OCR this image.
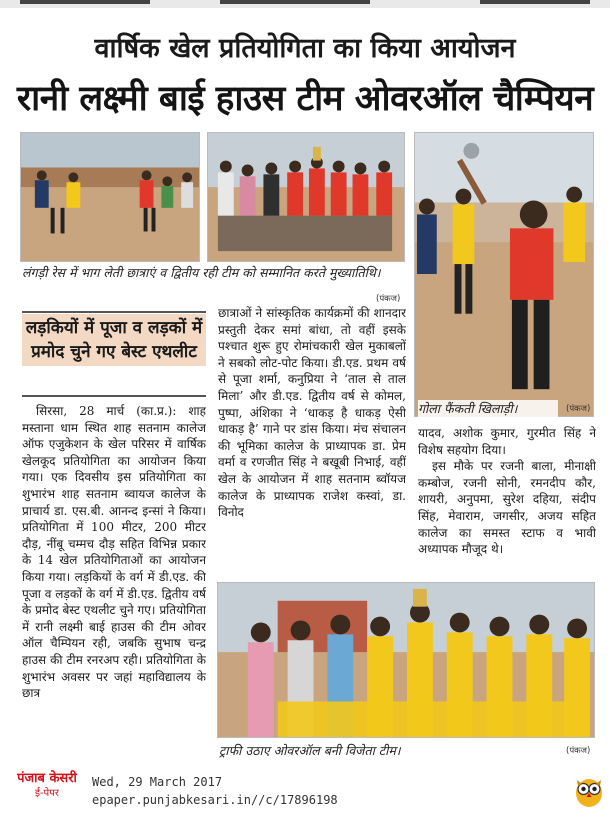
वार्षिक खेल प्रतियोगिता का किया आयोजन
रानी लक्ष्मी बाई हाउस टीम ओवरऑल चैम्पियन
लंगड़ी रेस में भाग लेती छात्राएं व द्वितीय रही टीम को सम्मानित करते मुख्यातिथि।
(पंकज)
गोला फैंकती खिलाड़ी।	(पंकज)
ट्राफी उठाए ओवरऑल बनी विजेता टीम।	(पंकज)
लड़कियों में पूजा व लड़कों में प्रमोद चुने गए बेस्ट एथलीट

सिरसा, 28 मार्च (का.प्र.): शाह मस्ताना धाम स्थित शाह सतनाम कालेज ऑफ एजुकेशन के खेल परिसर में वार्षिक खेलकूद प्रतियोगिता का आयोजन किया गया। एक दिवसीय इस प्रतियोगिता का शुभारंभ शाह सतनाम ब्वायज कालेज के प्राचार्य डा. एस.बी. आनन्द इन्सां ने किया। प्रतियोगिता में 100 मीटर, 200 मीटर दौड़, नींबू चम्मच दौड़ सहित विभिन्न प्रकार के 14 खेल प्रतियोगिताओं का आयोजन किया गया। लड़कियों के वर्ग में डी.एड. की पूजा व लड़कों के वर्ग में डी.एड. द्वितीय वर्ष के प्रमोद बेस्ट एथलीट चुने गए। प्रतियोगिता में रानी लक्ष्मी बाई हाउस की टीम ओवर ऑल चैम्पियन रही, जबकि सुभाष चन्द्र हाउस की टीम रनरअप रही। प्रतियोगिता के शुभारंभ अवसर पर जहां महाविद्यालय के छात्र

छात्राओं ने सांस्कृतिक कार्यक्रमों की शानदार प्रस्तुती देकर समां बांधा, तो वहीं इसके पश्चात शुरू हुए रोमांचकारी खेल मुकाबलों ने सबको लोट-पोट किया। डी.एड. प्रथम वर्ष से पूजा शर्मा, कनुप्रिया ने ‘ताल से ताल मिला’ और डी.एड. द्वितीय वर्ष से कोमल, पुष्पा, अंशिका ने ‘धाकड़ है धाकड़ ऐसी धाकड़ है’ गाने पर डांस किया। मंच संचालन की भूमिका कालेज के प्राध्यापक डा. प्रेम वर्मा व रणजीत सिंह ने बखूबी निभाई, वहीं खेल के आयोजन में शाह सतनाम ब्वॉयज कालेज के प्राध्यापक राजेश कस्वां, डा. विनोद

यादव, अशोक कुमार, गुरमीत सिंह ने विशेष सहयोग दिया।

इस मौके पर रजनी बाला, मीनाक्षी कम्बोज, रजनी सोनी, रमनदीप कौर, शायरी, अनुपमा, सुरेश दहिया, संदीप सिंह, मेवाराम, जगसीर, अजय सहित कालेज का समस्त स्टाफ व भावी अध्यापक मौजूद थे।

पंजाब केसरी
ई-पेपर
Wed, 29 March 2017
epaper.punjabkesari.in//c/17896198
